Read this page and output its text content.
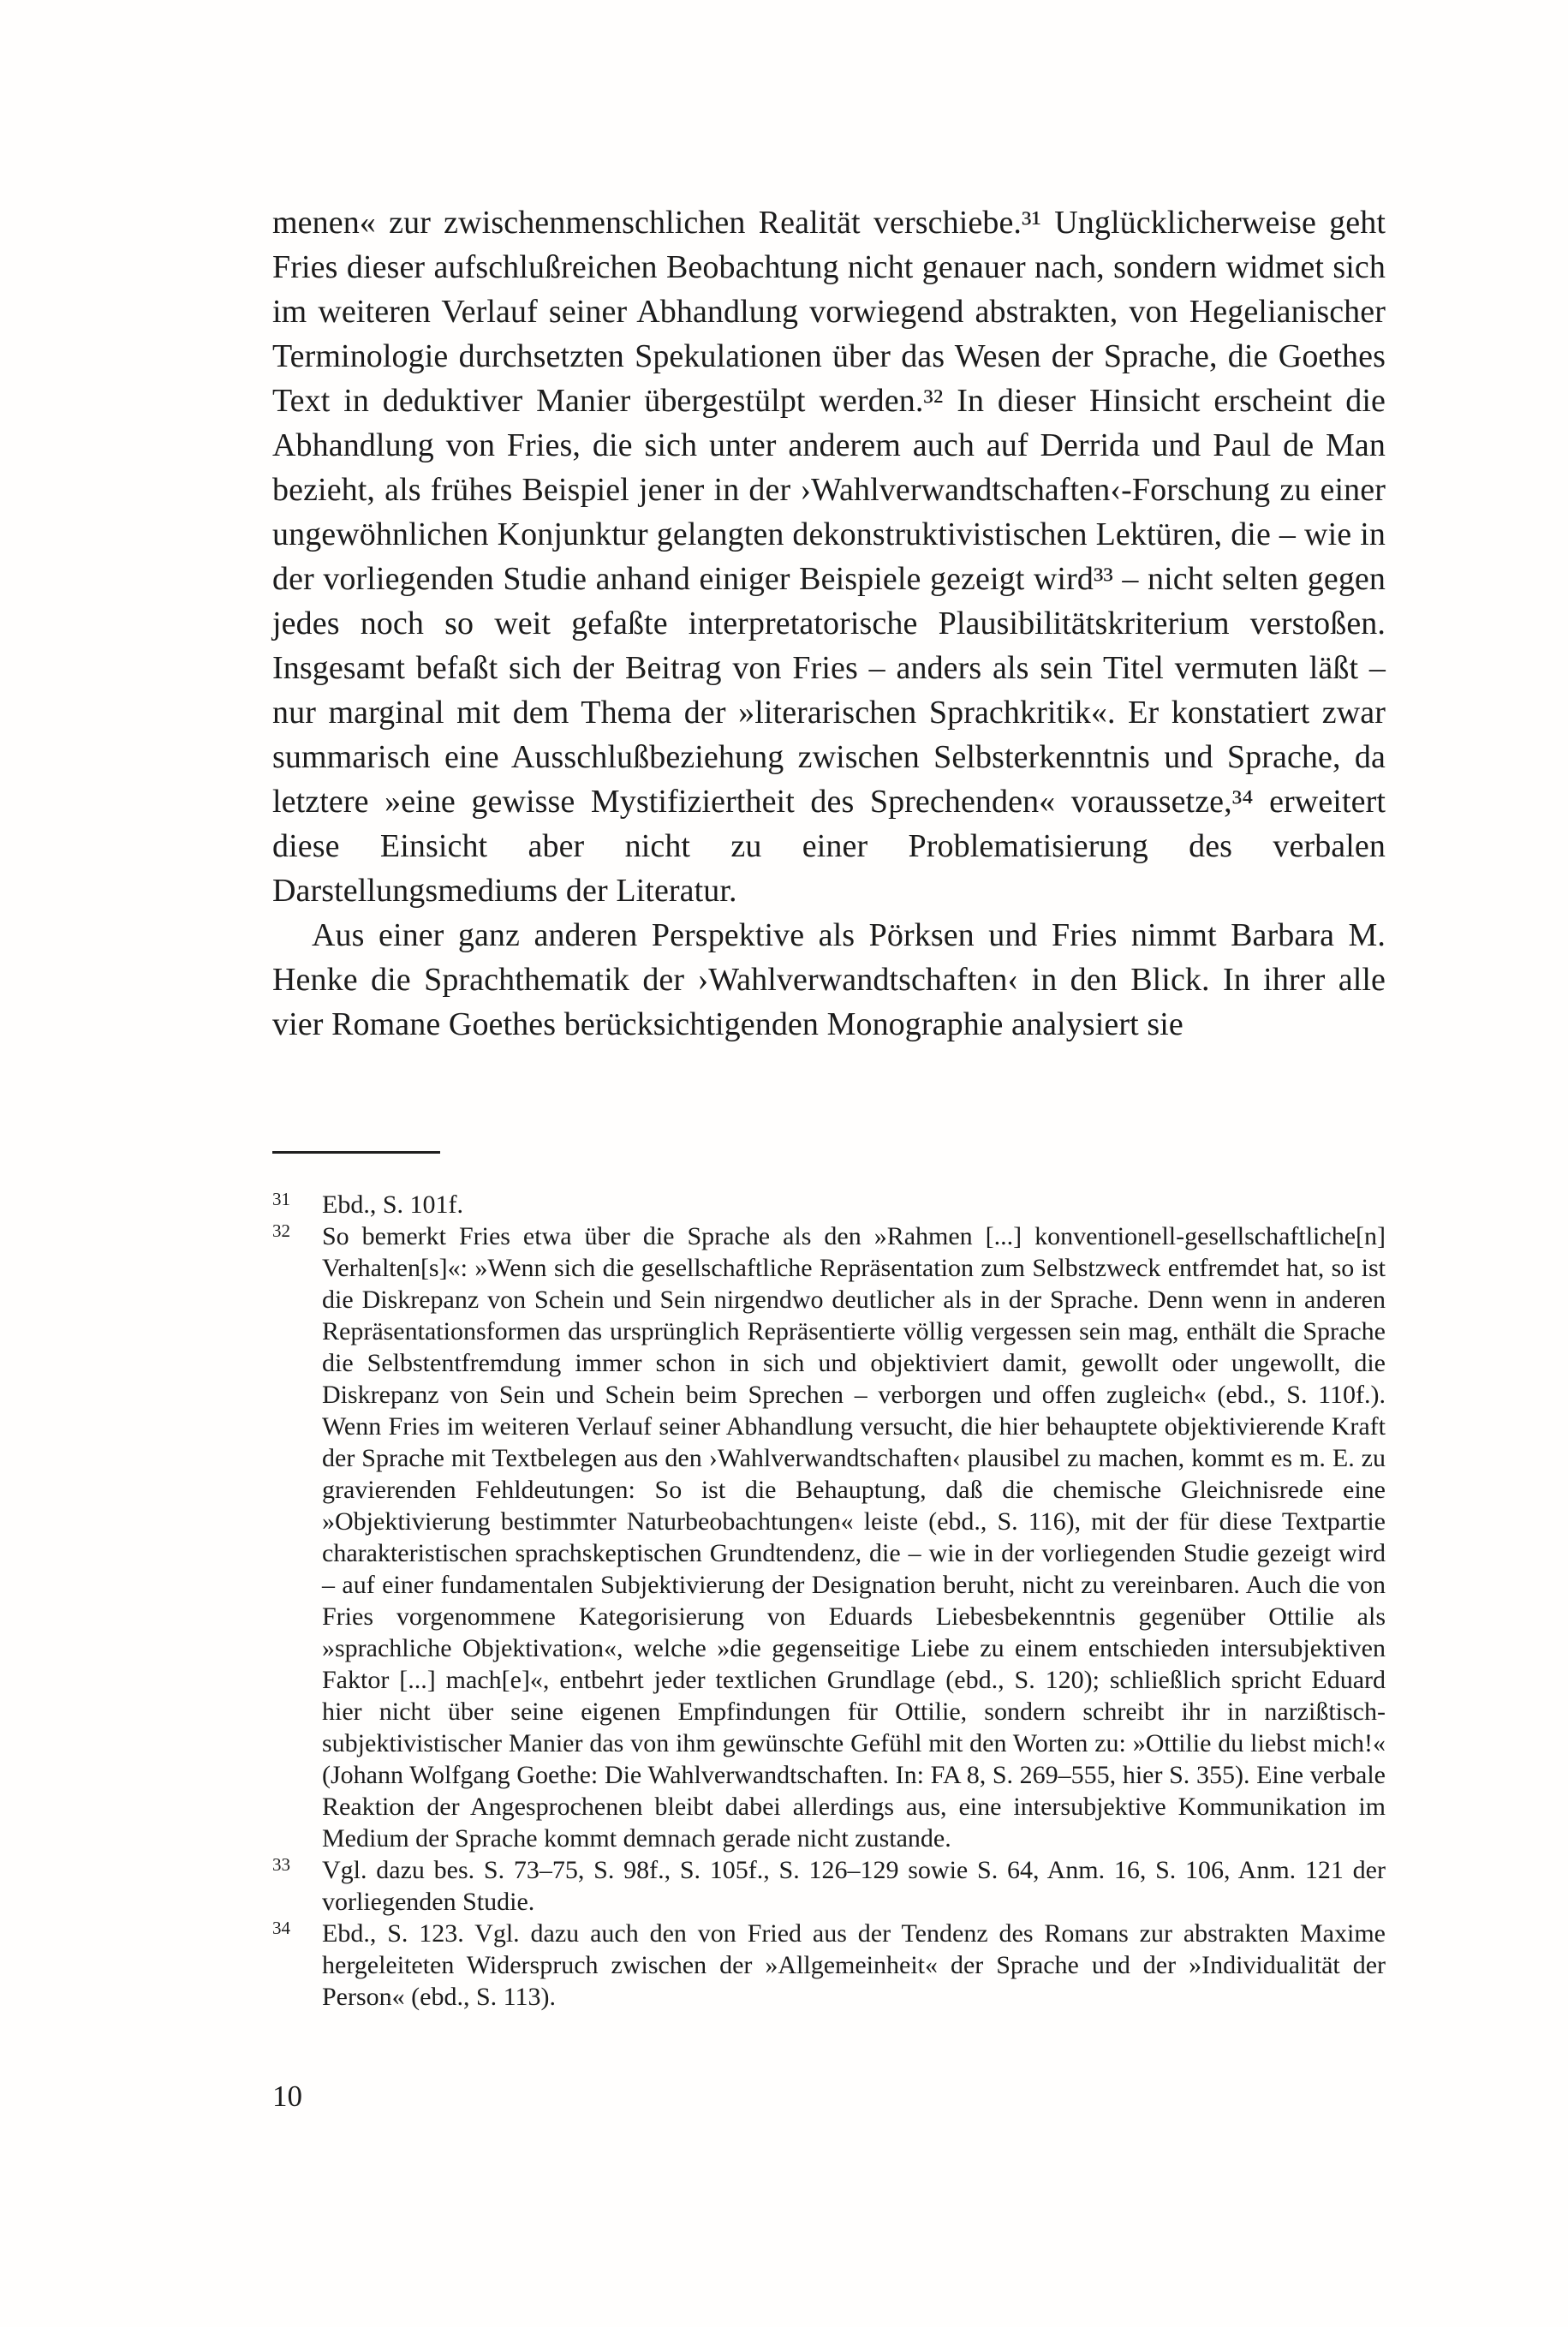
menen« zur zwischenmenschlichen Realität verschiebe.³¹ Unglücklicherweise geht Fries dieser aufschlußreichen Beobachtung nicht genauer nach, sondern widmet sich im weiteren Verlauf seiner Abhandlung vorwiegend abstrakten, von Hegelianischer Terminologie durchsetzten Spekulationen über das Wesen der Sprache, die Goethes Text in deduktiver Manier übergestülpt werden.³² In dieser Hinsicht erscheint die Abhandlung von Fries, die sich unter anderem auch auf Derrida und Paul de Man bezieht, als frühes Beispiel jener in der ›Wahlverwandtschaften‹-Forschung zu einer ungewöhnlichen Konjunktur gelangten dekonstruktivistischen Lektüren, die – wie in der vorliegenden Studie anhand einiger Beispiele gezeigt wird³³ – nicht selten gegen jedes noch so weit gefaßte interpretatorische Plausibilitätskriterium verstoßen. Insgesamt befaßt sich der Beitrag von Fries – anders als sein Titel vermuten läßt – nur marginal mit dem Thema der »literarischen Sprachkritik«. Er konstatiert zwar summarisch eine Ausschlußbeziehung zwischen Selbsterkenntnis und Sprache, da letztere »eine gewisse Mystifiziertheit des Sprechenden« voraussetze,³⁴ erweitert diese Einsicht aber nicht zu einer Problematisierung des verbalen Darstellungsmediums der Literatur.

Aus einer ganz anderen Perspektive als Pörksen und Fries nimmt Barbara M. Henke die Sprachthematik der ›Wahlverwandtschaften‹ in den Blick. In ihrer alle vier Romane Goethes berücksichtigenden Monographie analysiert sie

31	Ebd., S. 101f.
32	So bemerkt Fries etwa über die Sprache als den »Rahmen [...] konventionell-gesellschaftliche[n] Verhalten[s]«: »Wenn sich die gesellschaftliche Repräsentation zum Selbstzweck entfremdet hat, so ist die Diskrepanz von Schein und Sein nirgendwo deutlicher als in der Sprache. Denn wenn in anderen Repräsentationsformen das ursprünglich Repräsentierte völlig vergessen sein mag, enthält die Sprache die Selbstentfremdung immer schon in sich und objektiviert damit, gewollt oder ungewollt, die Diskrepanz von Sein und Schein beim Sprechen – verborgen und offen zugleich« (ebd., S. 110f.). Wenn Fries im weiteren Verlauf seiner Abhandlung versucht, die hier behauptete objektivierende Kraft der Sprache mit Textbelegen aus den ›Wahlverwandtschaften‹ plausibel zu machen, kommt es m. E. zu gravierenden Fehldeutungen: So ist die Behauptung, daß die chemische Gleichnisrede eine »Objektivierung bestimmter Naturbeobachtungen« leiste (ebd., S. 116), mit der für diese Textpartie charakteristischen sprachskeptischen Grundtendenz, die – wie in der vorliegenden Studie gezeigt wird – auf einer fundamentalen Subjektivierung der Designation beruht, nicht zu vereinbaren. Auch die von Fries vorgenommene Kategorisierung von Eduards Liebesbekenntnis gegenüber Ottilie als »sprachliche Objektivation«, welche »die gegenseitige Liebe zu einem entschieden intersubjektiven Faktor [...] mach[e]«, entbehrt jeder textlichen Grundlage (ebd., S. 120); schließlich spricht Eduard hier nicht über seine eigenen Empfindungen für Ottilie, sondern schreibt ihr in narzißtisch-subjektivistischer Manier das von ihm gewünschte Gefühl mit den Worten zu: »Ottilie du liebst mich!« (Johann Wolfgang Goethe: Die Wahlverwandtschaften. In: FA 8, S. 269–555, hier S. 355). Eine verbale Reaktion der Angesprochenen bleibt dabei allerdings aus, eine intersubjektive Kommunikation im Medium der Sprache kommt demnach gerade nicht zustande.
33	Vgl. dazu bes. S. 73–75, S. 98f., S. 105f., S. 126–129 sowie S. 64, Anm. 16, S. 106, Anm. 121 der vorliegenden Studie.
34	Ebd., S. 123. Vgl. dazu auch den von Fried aus der Tendenz des Romans zur abstrakten Maxime hergeleiteten Widerspruch zwischen der »Allgemeinheit« der Sprache und der »Individualität der Person« (ebd., S. 113).
10
